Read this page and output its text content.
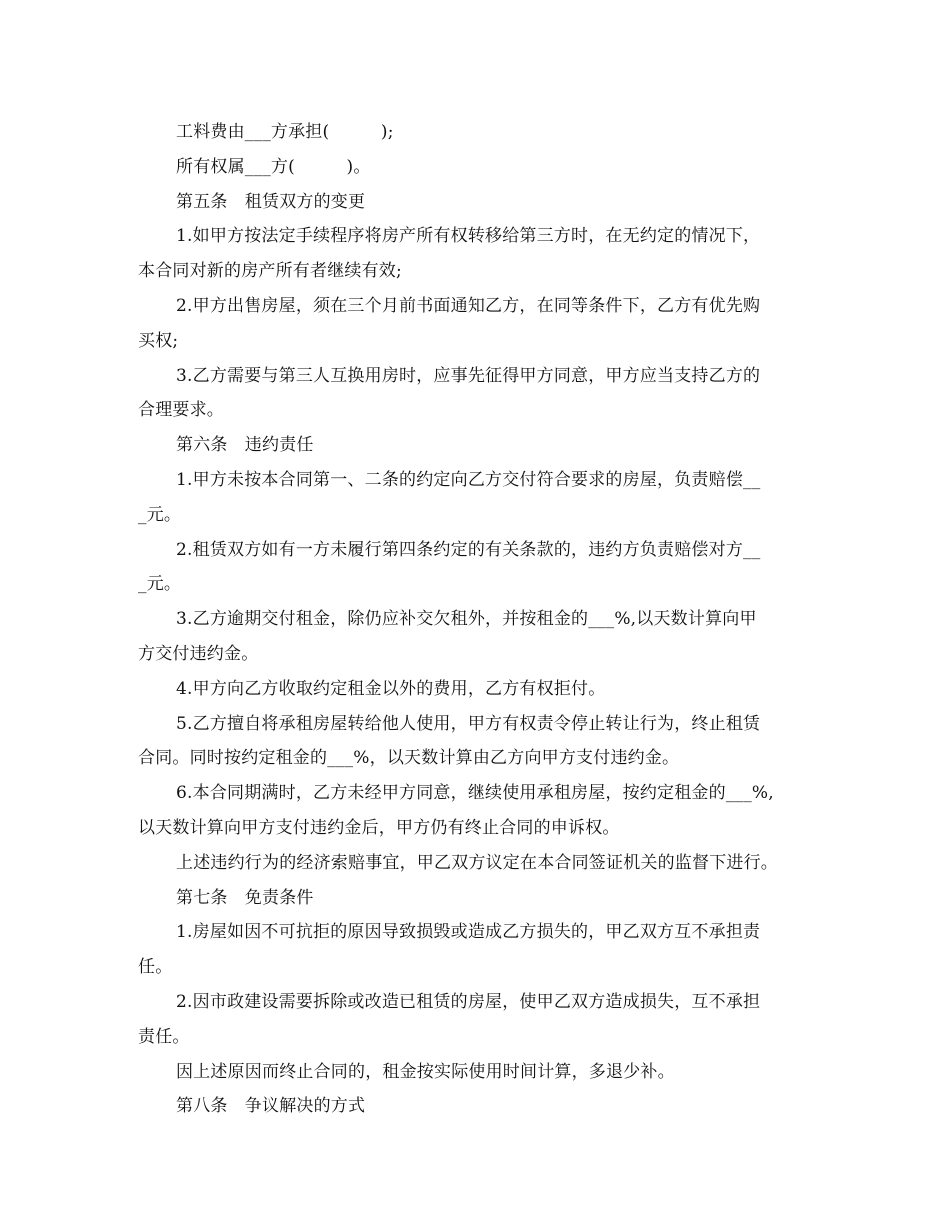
工料费由___方承担(　　　);
所有权属___方(　　　)。
第五条　租赁双方的变更
1.如甲方按法定手续程序将房产所有权转移给第三方时，在无约定的情况下，
本合同对新的房产所有者继续有效;
2.甲方出售房屋，须在三个月前书面通知乙方，在同等条件下，乙方有优先购
买权;
3.乙方需要与第三人互换用房时，应事先征得甲方同意，甲方应当支持乙方的
合理要求。
第六条　违约责任
1.甲方未按本合同第一、二条的约定向乙方交付符合要求的房屋，负责赔偿__
_元。
2.租赁双方如有一方未履行第四条约定的有关条款的，违约方负责赔偿对方__
_元。
3.乙方逾期交付租金，除仍应补交欠租外，并按租金的___%,以天数计算向甲
方交付违约金。
4.甲方向乙方收取约定租金以外的费用，乙方有权拒付。
5.乙方擅自将承租房屋转给他人使用，甲方有权责令停止转让行为，终止租赁
合同。同时按约定租金的___%，以天数计算由乙方向甲方支付违约金。
6.本合同期满时，乙方未经甲方同意，继续使用承租房屋，按约定租金的___%,
以天数计算向甲方支付违约金后，甲方仍有终止合同的申诉权。
上述违约行为的经济索赔事宜，甲乙双方议定在本合同签证机关的监督下进行。
第七条　免责条件
1.房屋如因不可抗拒的原因导致损毁或造成乙方损失的，甲乙双方互不承担责
任。
2.因市政建设需要拆除或改造已租赁的房屋，使甲乙双方造成损失，互不承担
责任。
因上述原因而终止合同的，租金按实际使用时间计算，多退少补。
第八条　争议解决的方式
